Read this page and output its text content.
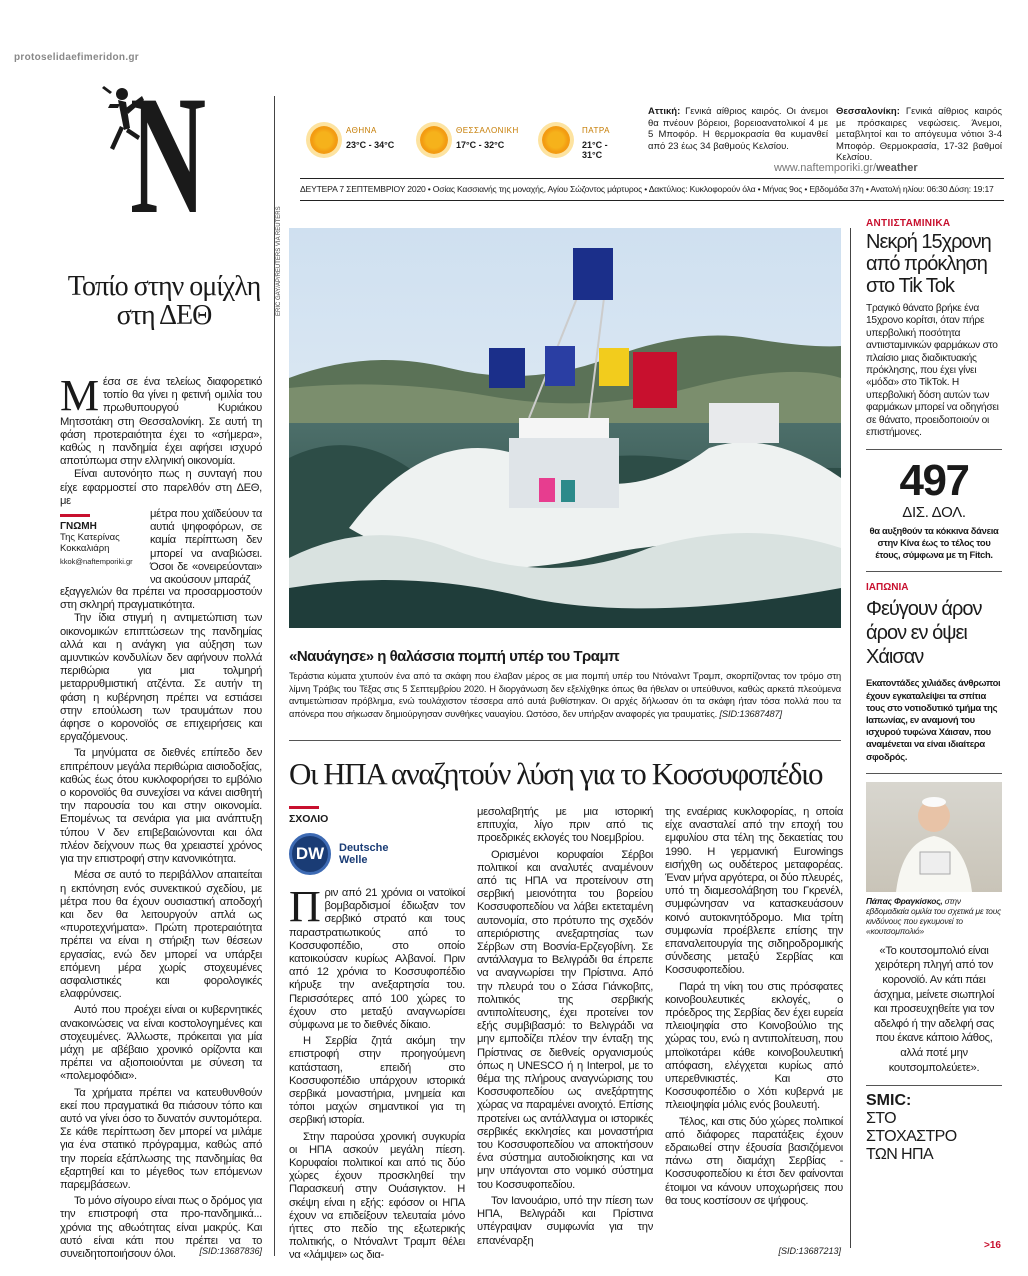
protoselidaefimeridon.gr
N	ΑΘΗΝΑ
23°C - 34°C
ΘΕΣΣΑΛΟΝΙΚΗ
17°C - 32°C
ΠΑΤΡΑ
21°C - 31°C
Αττική: Γενικά αίθριος καιρός. Οι άνεμοι θα πνέουν βόρειοι, βορειοανατολικοί 4 με 5 Μποφόρ. Η θερμοκρασία θα κυμανθεί από 23 έως 34 βαθμούς Κελσίου.
Θεσσαλονίκη: Γενικά αίθριος καιρός με πρόσκαιρες νεφώσεις. Άνεμοι, μεταβλητοί και το απόγευμα νότιοι 3-4 Μποφόρ. Θερμοκρασία, 17-32 βαθμοί Κελσίου.
www.naftemporiki.gr/weather
ΔΕΥΤΕΡΑ 7 ΣΕΠΤΕΜΒΡΙΟΥ 2020 • Οσίας Κασσιανής της μοναχής, Αγίου Σώζοντος μάρτυρος • Δακτύλιος: Κυκλοφορούν όλα • Μήνας 9ος • Εβδομάδα 37η • Ανατολή ηλίου: 06:30 Δύση: 19:17
Τοπίο στην ομίχλη στη ΔΕΘ

Μέσα σε ένα τελείως διαφορετικό τοπίο θα γίνει η φετινή ομιλία του πρωθυπουργού Κυριάκου Μητσοτάκη στη Θεσσαλονίκη. Σε αυτή τη φάση προτεραιότητα έχει το «σήμερα», καθώς η πανδημία έχει αφήσει ισχυρό αποτύπωμα στην ελληνική οικονομία.

Είναι αυτονόητο πως η συνταγή που είχε εφαρμοστεί στο παρελθόν στη ΔΕΘ, με

ΓΝΩΜΗ
Της Κατερίνας
Κοκκαλιάρη
kkok@naftemporiki.gr

μέτρα που χαϊδεύουν τα αυτιά ψηφοφόρων, σε καμία περίπτωση δεν μπορεί να αναβιώσει. Όσοι δε «ονειρεύονται» να ακούσουν μπαράζ

εξαγγελιών θα πρέπει να προσαρμοστούν στη σκληρή πραγματικότητα.

Την ίδια στιγμή η αντιμετώπιση των οικονομικών επιπτώσεων της πανδημίας αλλά και η ανάγκη για αύξηση των αμυντικών κονδυλίων δεν αφήνουν πολλά περιθώρια για μια τολμηρή μεταρρυθμιστική ατζέντα. Σε αυτήν τη φάση η κυβέρνηση πρέπει να εστιάσει στην επούλωση των τραυμάτων που άφησε ο κορονοϊός σε επιχειρήσεις και εργαζόμενους.

Τα μηνύματα σε διεθνές επίπεδο δεν επιτρέπουν μεγάλα περιθώρια αισιοδοξίας, καθώς έως ότου κυκλοφορήσει το εμβόλιο ο κορονοϊός θα συνεχίσει να κάνει αισθητή την παρουσία του και στην οικονομία. Επομένως τα σενάρια για μια ανάπτυξη τύπου V δεν επιβεβαιώνονται και όλα πλέον δείχνουν πως θα χρειαστεί χρόνος για την επιστροφή στην κανονικότητα.

Μέσα σε αυτό το περιβάλλον απαιτείται η εκπόνηση ενός συνεκτικού σχεδίου, με μέτρα που θα έχουν ουσιαστική αποδοχή και δεν θα λειτουργούν απλά ως «πυροτεχνήματα». Πρώτη προτεραιότητα πρέπει να είναι η στήριξη των θέσεων εργασίας, ενώ δεν μπορεί να υπάρξει επόμενη μέρα χωρίς στοχευμένες ασφαλιστικές και φορολογικές ελαφρύνσεις.

Αυτό που προέχει είναι οι κυβερνητικές ανακοινώσεις να είναι κοστολογημένες και στοχευμένες. Άλλωστε, πρόκειται για μία μάχη με αβέβαιο χρονικό ορίζοντα και πρέπει να αξιοποιούνται με σύνεση τα «πολεμοφόδια».

Τα χρήματα πρέπει να κατευθυνθούν εκεί που πραγματικά θα πιάσουν τόπο και αυτό να γίνει όσο το δυνατόν συντομότερα. Σε κάθε περίπτωση δεν μπορεί να μιλάμε για ένα στατικό πρόγραμμα, καθώς από την πορεία εξάπλωσης της πανδημίας θα εξαρτηθεί και το μέγεθος των επόμενων παρεμβάσεων.

Το μόνο σίγουρο είναι πως ο δρόμος για την επιστροφή στα προ-πανδημικά... χρόνια της αθωότητας είναι μακρύς. Και αυτό είναι κάτι που πρέπει να το συνειδητοποιήσουν όλοι.	[SID:13687836]
ERIC GAY/AP/REUTERS VIA REUTERS
«Ναυάγησε» η θαλάσσια πομπή υπέρ του Τραμπ
Τεράστια κύματα χτυπούν ένα από τα σκάφη που έλαβαν μέρος σε μια πομπή υπέρ του Ντόναλντ Τραμπ, σκορπίζοντας τον τρόμο στη λίμνη Τράβις του Τέξας στις 5 Σεπτεμβρίου 2020. Η διοργάνωση δεν εξελίχθηκε όπως θα ήθελαν οι υπεύθυνοι, καθώς αρκετά πλεούμενα αντιμετώπισαν πρόβλημα, ενώ τουλάχιστον τέσσερα από αυτά βυθίστηκαν. Οι αρχές δήλωσαν ότι τα σκάφη ήταν τόσα πολλά που τα απόνερα που σήκωσαν δημιούργησαν συνθήκες ναυαγίου. Ωστόσο, δεν υπήρξαν αναφορές για τραυματίες. [SID:13687487]
Οι ΗΠΑ αναζητούν λύση για το Κοσσυφοπέδιο
ΣΧΟΛΙΟ
DW	Deutsche
Welle

Πριν από 21 χρόνια οι νατοϊκοί βομβαρδισμοί έδιωξαν τον σερβικό στρατό και τους παραστρατιωτικούς από το Κοσσυφοπέδιο, στο οποίο κατοικούσαν κυρίως Αλβανοί. Πριν από 12 χρόνια το Κοσσυφοπέδιο κήρυξε την ανεξαρτησία του. Περισσότερες από 100 χώρες το έχουν στο μεταξύ αναγνωρίσει σύμφωνα με το διεθνές δίκαιο.

Η Σερβία ζητά ακόμη την επιστροφή στην προηγούμενη κατάσταση, επειδή στο Κοσσυφοπέδιο υπάρχουν ιστορικά σερβικά μοναστήρια, μνημεία και τόποι μαχών σημαντικοί για τη σερβική ιστορία.

Στην παρούσα χρονική συγκυρία οι ΗΠΑ ασκούν μεγάλη πίεση. Κορυφαίοι πολιτικοί και από τις δύο χώρες έχουν προσκληθεί την Παρασκευή στην Ουάσιγκτον. Η σκέψη είναι η εξής: εφόσον οι ΗΠΑ έχουν να επιδείξουν τελευταία μόνο ήττες στο πεδίο της εξωτερικής πολιτικής, ο Ντόναλντ Τραμπ θέλει να «λάμψει» ως δια-

μεσολαβητής με μια ιστορική επιτυχία, λίγο πριν από τις προεδρικές εκλογές του Νοεμβρίου.

Ορισμένοι κορυφαίοι Σέρβοι πολιτικοί και αναλυτές αναμένουν από τις ΗΠΑ να προτείνουν στη σερβική μειονότητα του βορείου Κοσσυφοπεδίου να λάβει εκτεταμένη αυτονομία, στο πρότυπο της σχεδόν απεριόριστης ανεξαρτησίας των Σέρβων στη Βοσνία-Ερζεγοβίνη. Σε αντάλλαγμα το Βελιγράδι θα έπρεπε να αναγνωρίσει την Πρίστινα. Από την πλευρά του ο Σάσα Γιάνκοβιτς, πολιτικός της σερβικής αντιπολίτευσης, έχει προτείνει τον εξής συμβιβασμό: το Βελιγράδι να μην εμποδίζει πλέον την ένταξη της Πρίστινας σε διεθνείς οργανισμούς όπως η UNESCO ή η Interpol, με το θέμα της πλήρους αναγνώρισης του Κοσσυφοπεδίου ως ανεξάρτητης χώρας να παραμένει ανοιχτό. Επίσης προτείνει ως αντάλλαγμα οι ιστορικές σερβικές εκκλησίες και μοναστήρια του Κοσσυφοπεδίου να αποκτήσουν ένα σύστημα αυτοδιοίκησης και να μην υπάγονται στο νομικό σύστημα του Κοσσυφοπεδίου.

Τον Ιανουάριο, υπό την πίεση των ΗΠΑ, Βελιγράδι και Πρίστινα υπέγραψαν συμφωνία για την επανέναρξη

της εναέριας κυκλοφορίας, η οποία είχε ανασταλεί από την εποχή του εμφυλίου στα τέλη της δεκαετίας του 1990. Η γερμανική Eurowings εισήχθη ως ουδέτερος μεταφορέας. Έναν μήνα αργότερα, οι δύο πλευρές, υπό τη διαμεσολάβηση του Γκρενέλ, συμφώνησαν να κατασκευάσουν κοινό αυτοκινητόδρομο. Μια τρίτη συμφωνία προέβλεπε επίσης την επαναλειτουργία της σιδηροδρομικής σύνδεσης μεταξύ Σερβίας και Κοσσυφοπεδίου.

Παρά τη νίκη του στις πρόσφατες κοινοβουλευτικές εκλογές, ο πρόεδρος της Σερβίας δεν έχει ευρεία πλειοψηφία στο Κοινοβούλιο της χώρας του, ενώ η αντιπολίτευση, που μποϊκοτάρει κάθε κοινοβουλευτική απόφαση, ελέγχεται κυρίως από υπερεθνικιστές. Και στο Κοσσυφοπέδιο ο Χότι κυβερνά με πλειοψηφία μόλις ενός βουλευτή.

Τέλος, και στις δύο χώρες πολιτικοί από διάφορες παρατάξεις έχουν εδραιωθεί στην έξουσία βασιζόμενοι πάνω στη διαμάχη Σερβίας - Κοσσυφοπεδίου κι έτσι δεν φαίνονται έτοιμοι να κάνουν υποχωρήσεις που θα τους κοστίσουν σε ψήφους.

[SID:13687213]
ΑΝΤΙΙΣΤΑΜΙΝΙΚΑ
Νεκρή 15χρονη από πρόκληση στο Tik Tok

Τραγικό θάνατο βρήκε ένα 15χρονο κορίτσι, όταν πήρε υπερβολική ποσότητα αντιισταμινικών φαρμάκων στο πλαίσιο μιας διαδικτυακής πρόκλησης, που έχει γίνει «μόδα» στο TikTok. Η υπερβολική δόση αυτών των φαρμάκων μπορεί να οδηγήσει σε θάνατο, προειδοποιούν οι επιστήμονες.

497
ΔΙΣ. ΔΟΛ.

θα αυξηθούν τα κόκκινα δάνεια στην Κίνα έως το τέλος του έτους, σύμφωνα με τη Fitch.

ΙΑΠΩΝΙΑ
Φεύγουν άρον άρον εν όψει Χάισαν

Εκατοντάδες χιλιάδες άνθρωποι έχουν εγκαταλείψει τα σπίτια τους στο νοτιοδυτικό τμήμα της Ιαπωνίας, εν αναμονή του ισχυρού τυφώνα Χάισαν, που αναμένεται να είναι ιδιαίτερα σφοδρός.

Πάπας Φραγκίσκος, στην εβδομαδιαία ομιλία του σχετικά με τους κινδύνους που εγκυμονεί το «κουτσομπολιό»

«Το κουτσομπολιό είναι χειρότερη πληγή από τον κορονοϊό. Αν κάτι πάει άσχημα, μείνετε σιωπηλοί και προσευχηθείτε για τον αδελφό ή την αδελφή σας που έκανε κάποιο λάθος, αλλά ποτέ μην κουτσομπολεύετε».

SMIC:
ΣΤΟ ΣΤΟΧΑΣΤΡΟ ΤΩΝ ΗΠΑ
>16
